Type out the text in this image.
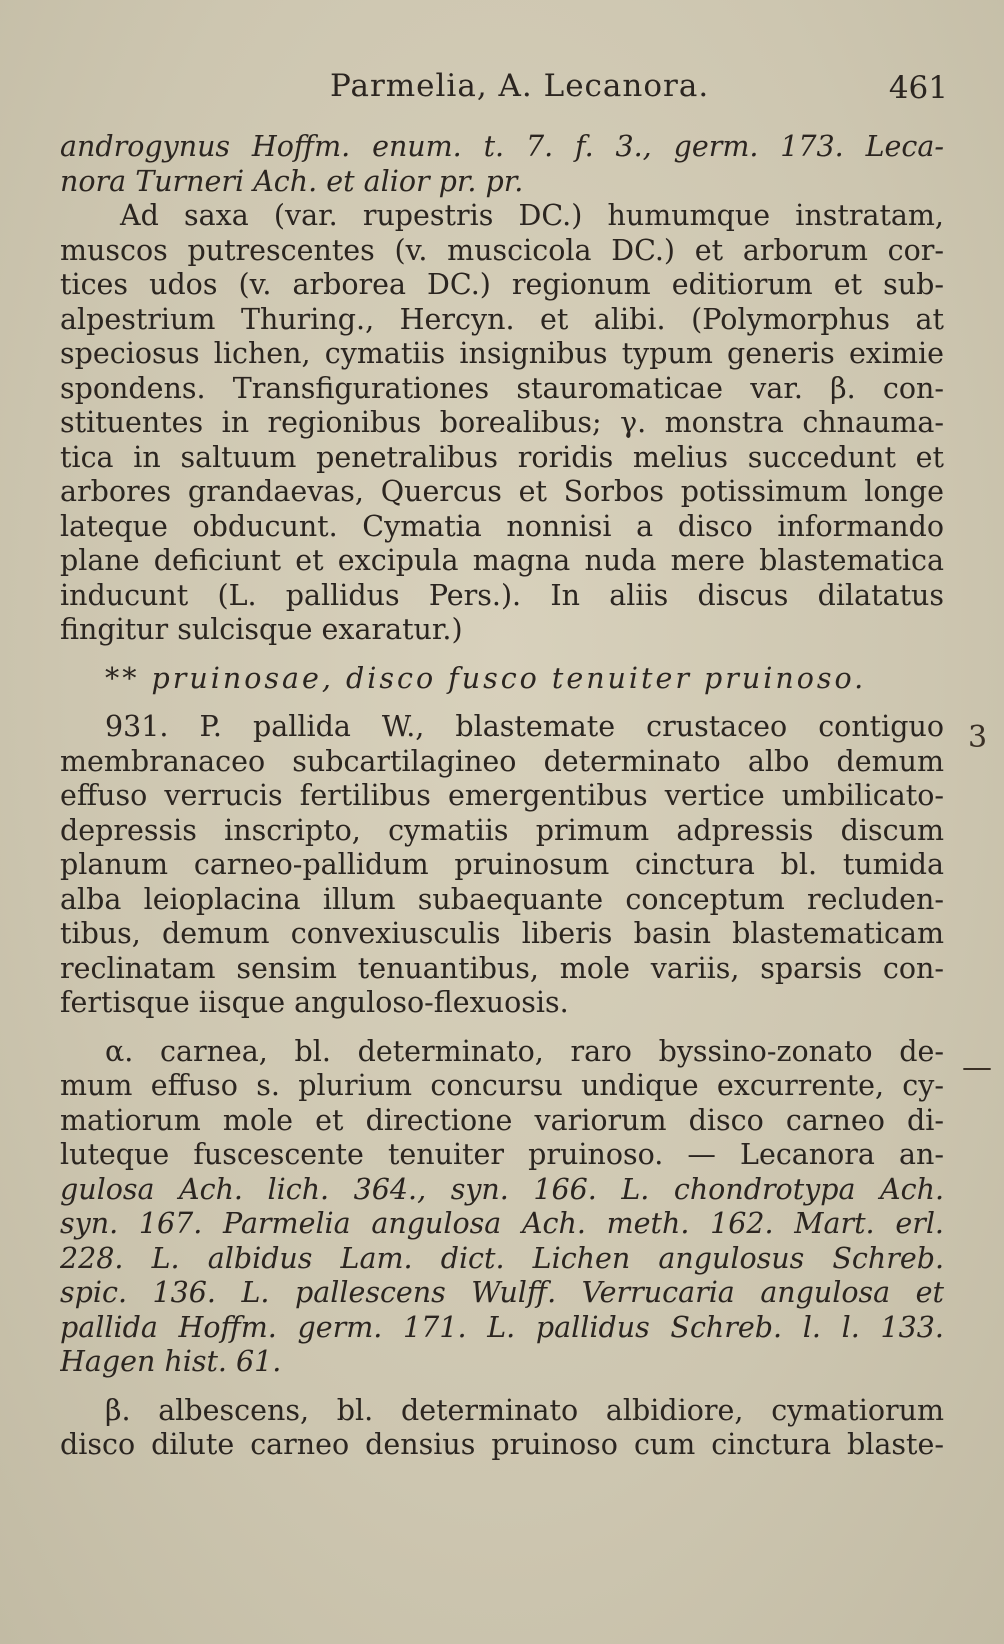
Parmelia, A. Lecanora.	461
androgynus Hoffm. enum. t. 7. f. 3., germ. 173. Leca-
nora Turneri Ach. et alior pr. pr.
Ad saxa (var. rupestris DC.) humumque instratam,
muscos putrescentes (v. muscicola DC.) et arborum cor-
tices udos (v. arborea DC.) regionum editiorum et sub-
alpestrium Thuring., Hercyn. et alibi. (Polymorphus at
speciosus lichen, cymatiis insignibus typum generis eximie
spondens. Transfigurationes stauromaticae var. β. con-
stituentes in regionibus borealibus; γ. monstra chnauma-
tica in saltuum penetralibus roridis melius succedunt et
arbores grandaevas, Quercus et Sorbos potissimum longe
lateque obducunt. Cymatia nonnisi a disco informando
plane deficiunt et excipula magna nuda mere blastematica
inducunt (L. pallidus Pers.). In aliis discus dilatatus
fingitur sulcisque exaratur.)
** pruinosae, disco fusco tenuiter pruinoso.
931. P. pallida W., blastemate crustaceo contiguo
membranaceo subcartilagineo determinato albo demum
effuso verrucis fertilibus emergentibus vertice umbilicato-
depressis inscripto, cymatiis primum adpressis discum
planum carneo-pallidum pruinosum cinctura bl. tumida
alba leioplacina illum subaequante conceptum recluden-
tibus, demum convexiusculis liberis basin blastematicam
reclinatam sensim tenuantibus, mole variis, sparsis con-
fertisque iisque anguloso-flexuosis.
α. carnea, bl. determinato, raro byssino-zonato de-
mum effuso s. plurium concursu undique excurrente, cy-
matiorum mole et directione variorum disco carneo di-
luteque fuscescente tenuiter pruinoso. — Lecanora an-
gulosa Ach. lich. 364., syn. 166. L. chondrotypa Ach.
syn. 167. Parmelia angulosa Ach. meth. 162. Mart. erl.
228. L. albidus Lam. dict. Lichen angulosus Schreb.
spic. 136. L. pallescens Wulff. Verrucaria angulosa et
pallida Hoffm. germ. 171. L. pallidus Schreb. l. l. 133.
Hagen hist. 61.
β. albescens, bl. determinato albidiore, cymatiorum
disco dilute carneo densius pruinoso cum cinctura blaste-
3
—
